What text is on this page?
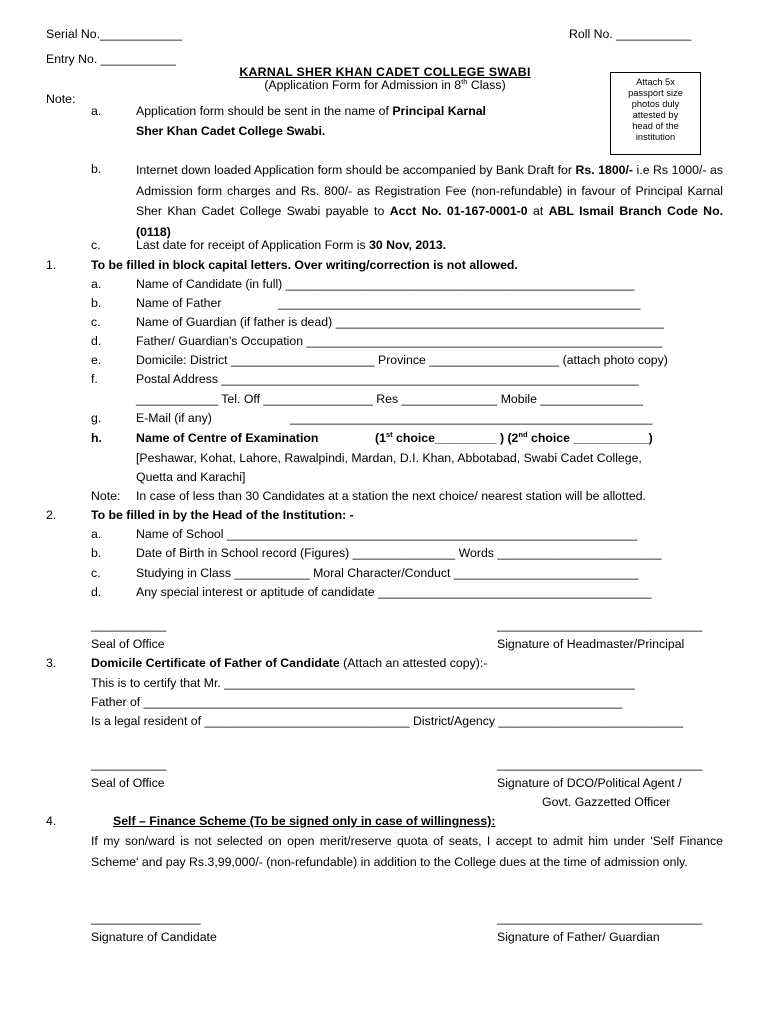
Serial No.____________	Roll No. ___________
Entry No. ___________
KARNAL SHER KHAN CADET COLLEGE SWABI
(Application Form for Admission in 8th Class)	Attach 5x
passport size
photos duly
attested by
head of the
institution
Note:
a.	Application form should be sent in the name of Principal Karnal
Sher Khan Cadet College Swabi.
b.	Internet down loaded Application form should be accompanied by Bank Draft for Rs. 1800/- i.e Rs 1000/- as Admission form charges and Rs. 800/- as Registration Fee (non-refundable) in favour of Principal Karnal Sher Khan Cadet College Swabi payable to Acct No. 01-167-0001-0 at ABL Ismail Branch Code No. (0118)
c.	Last date for receipt of Application Form is 30 Nov, 2013.
1.	To be filled in block capital letters. Over writing/correction is not allowed.
a.	Name of Candidate (in full) ___________________________________________________
b.	Name of Father	_____________________________________________________
c.	Name of Guardian (if father is dead) ________________________________________________
d.	Father/ Guardian's Occupation ____________________________________________________
e.	Domicile: District _____________________ Province ___________________ (attach photo copy)
f.	Postal Address _____________________________________________________________
____________ Tel. Off ________________ Res ______________ Mobile _______________
g.	E-Mail (if any)	_____________________________________________________
h.	Name of Centre of Examination	(1st choice_________ ) (2nd choice ___________)
[Peshawar, Kohat, Lahore, Rawalpindi, Mardan, D.I. Khan, Abbotabad, Swabi Cadet College,
Quetta and Karachi]
Note: In case of less than 30 Candidates at a station the next choice/ nearest station will be allotted.
2.	To be filled in by the Head of the Institution: -
a.	Name of School ____________________________________________________________
b.	Date of Birth in School record (Figures) _______________ Words ________________________
c.	Studying in Class ___________ Moral Character/Conduct ___________________________
d.	Any special interest or aptitude of candidate ________________________________________
___________
Seal of Office
______________________________
Signature of Headmaster/Principal
3.	Domicile Certificate of Father of Candidate (Attach an attested copy):-
This is to certify that Mr. ____________________________________________________________
Father of ______________________________________________________________________
Is a legal resident of ______________________________ District/Agency ___________________________
___________
Seal of Office
______________________________
Signature of DCO/Political Agent /
Govt. Gazzetted Officer
4.	Self – Finance Scheme (To be signed only in case of willingness):
If my son/ward is not selected on open merit/reserve quota of seats, I accept to admit him under 'Self Finance Scheme' and pay Rs.3,99,000/- (non-refundable) in addition to the College dues at the time of admission only.
________________
Signature of Candidate
______________________________
Signature of Father/ Guardian
